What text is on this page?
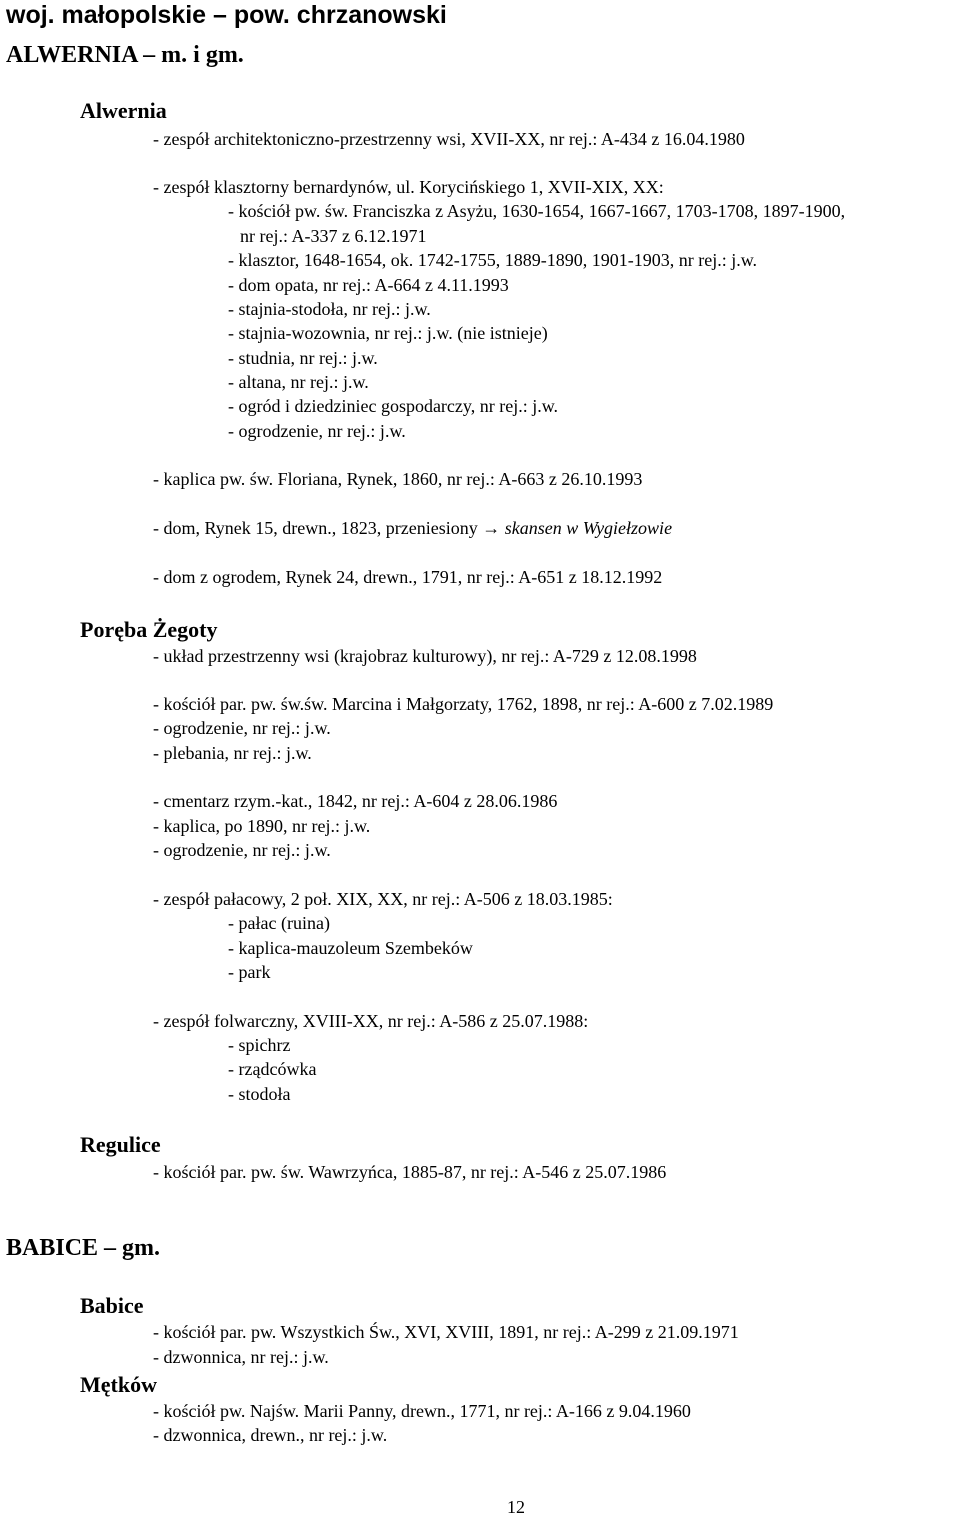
woj. małopolskie – pow. chrzanowski
ALWERNIA – m. i gm.
Alwernia
- zespół architektoniczno-przestrzenny wsi, XVII-XX, nr rej.: A-434 z 16.04.1980
- zespół klasztorny bernardynów, ul. Korycińskiego 1, XVII-XIX, XX:
- kościół pw. św. Franciszka z Asyżu, 1630-1654, 1667-1667, 1703-1708, 1897-1900,
nr rej.: A-337 z 6.12.1971
- klasztor, 1648-1654, ok. 1742-1755, 1889-1890, 1901-1903, nr rej.: j.w.
- dom opata, nr rej.: A-664 z 4.11.1993
- stajnia-stodoła, nr rej.: j.w.
- stajnia-wozownia, nr rej.: j.w. (nie istnieje)
- studnia, nr rej.: j.w.
- altana, nr rej.: j.w.
- ogród i dziedziniec gospodarczy, nr rej.: j.w.
- ogrodzenie, nr rej.: j.w.
- kaplica pw. św. Floriana, Rynek, 1860, nr rej.: A-663 z 26.10.1993
- dom, Rynek 15, drewn., 1823, przeniesiony → skansen w Wygiełzowie
- dom z ogrodem, Rynek 24, drewn., 1791, nr rej.: A-651 z 18.12.1992
Poręba Żegoty
- układ przestrzenny wsi (krajobraz kulturowy), nr rej.: A-729 z 12.08.1998
- kościół par. pw. św.św. Marcina i Małgorzaty, 1762, 1898, nr rej.: A-600 z 7.02.1989
- ogrodzenie, nr rej.: j.w.
- plebania, nr rej.: j.w.
- cmentarz rzym.-kat., 1842, nr rej.: A-604 z 28.06.1986
- kaplica, po 1890, nr rej.: j.w.
- ogrodzenie, nr rej.: j.w.
- zespół pałacowy, 2 poł. XIX, XX, nr rej.: A-506 z 18.03.1985:
- pałac (ruina)
- kaplica-mauzoleum Szembeków
- park
- zespół folwarczny, XVIII-XX, nr rej.: A-586 z 25.07.1988:
- spichrz
- rządcówka
- stodoła
Regulice
- kościół par. pw. św. Wawrzyńca, 1885-87, nr rej.: A-546 z 25.07.1986
BABICE – gm.
Babice
- kościół par. pw. Wszystkich Św., XVI, XVIII, 1891, nr rej.: A-299 z 21.09.1971
- dzwonnica, nr rej.: j.w.
Mętków
- kościół pw. Najśw. Marii Panny, drewn., 1771, nr rej.: A-166 z 9.04.1960
- dzwonnica, drewn., nr rej.: j.w.
12
